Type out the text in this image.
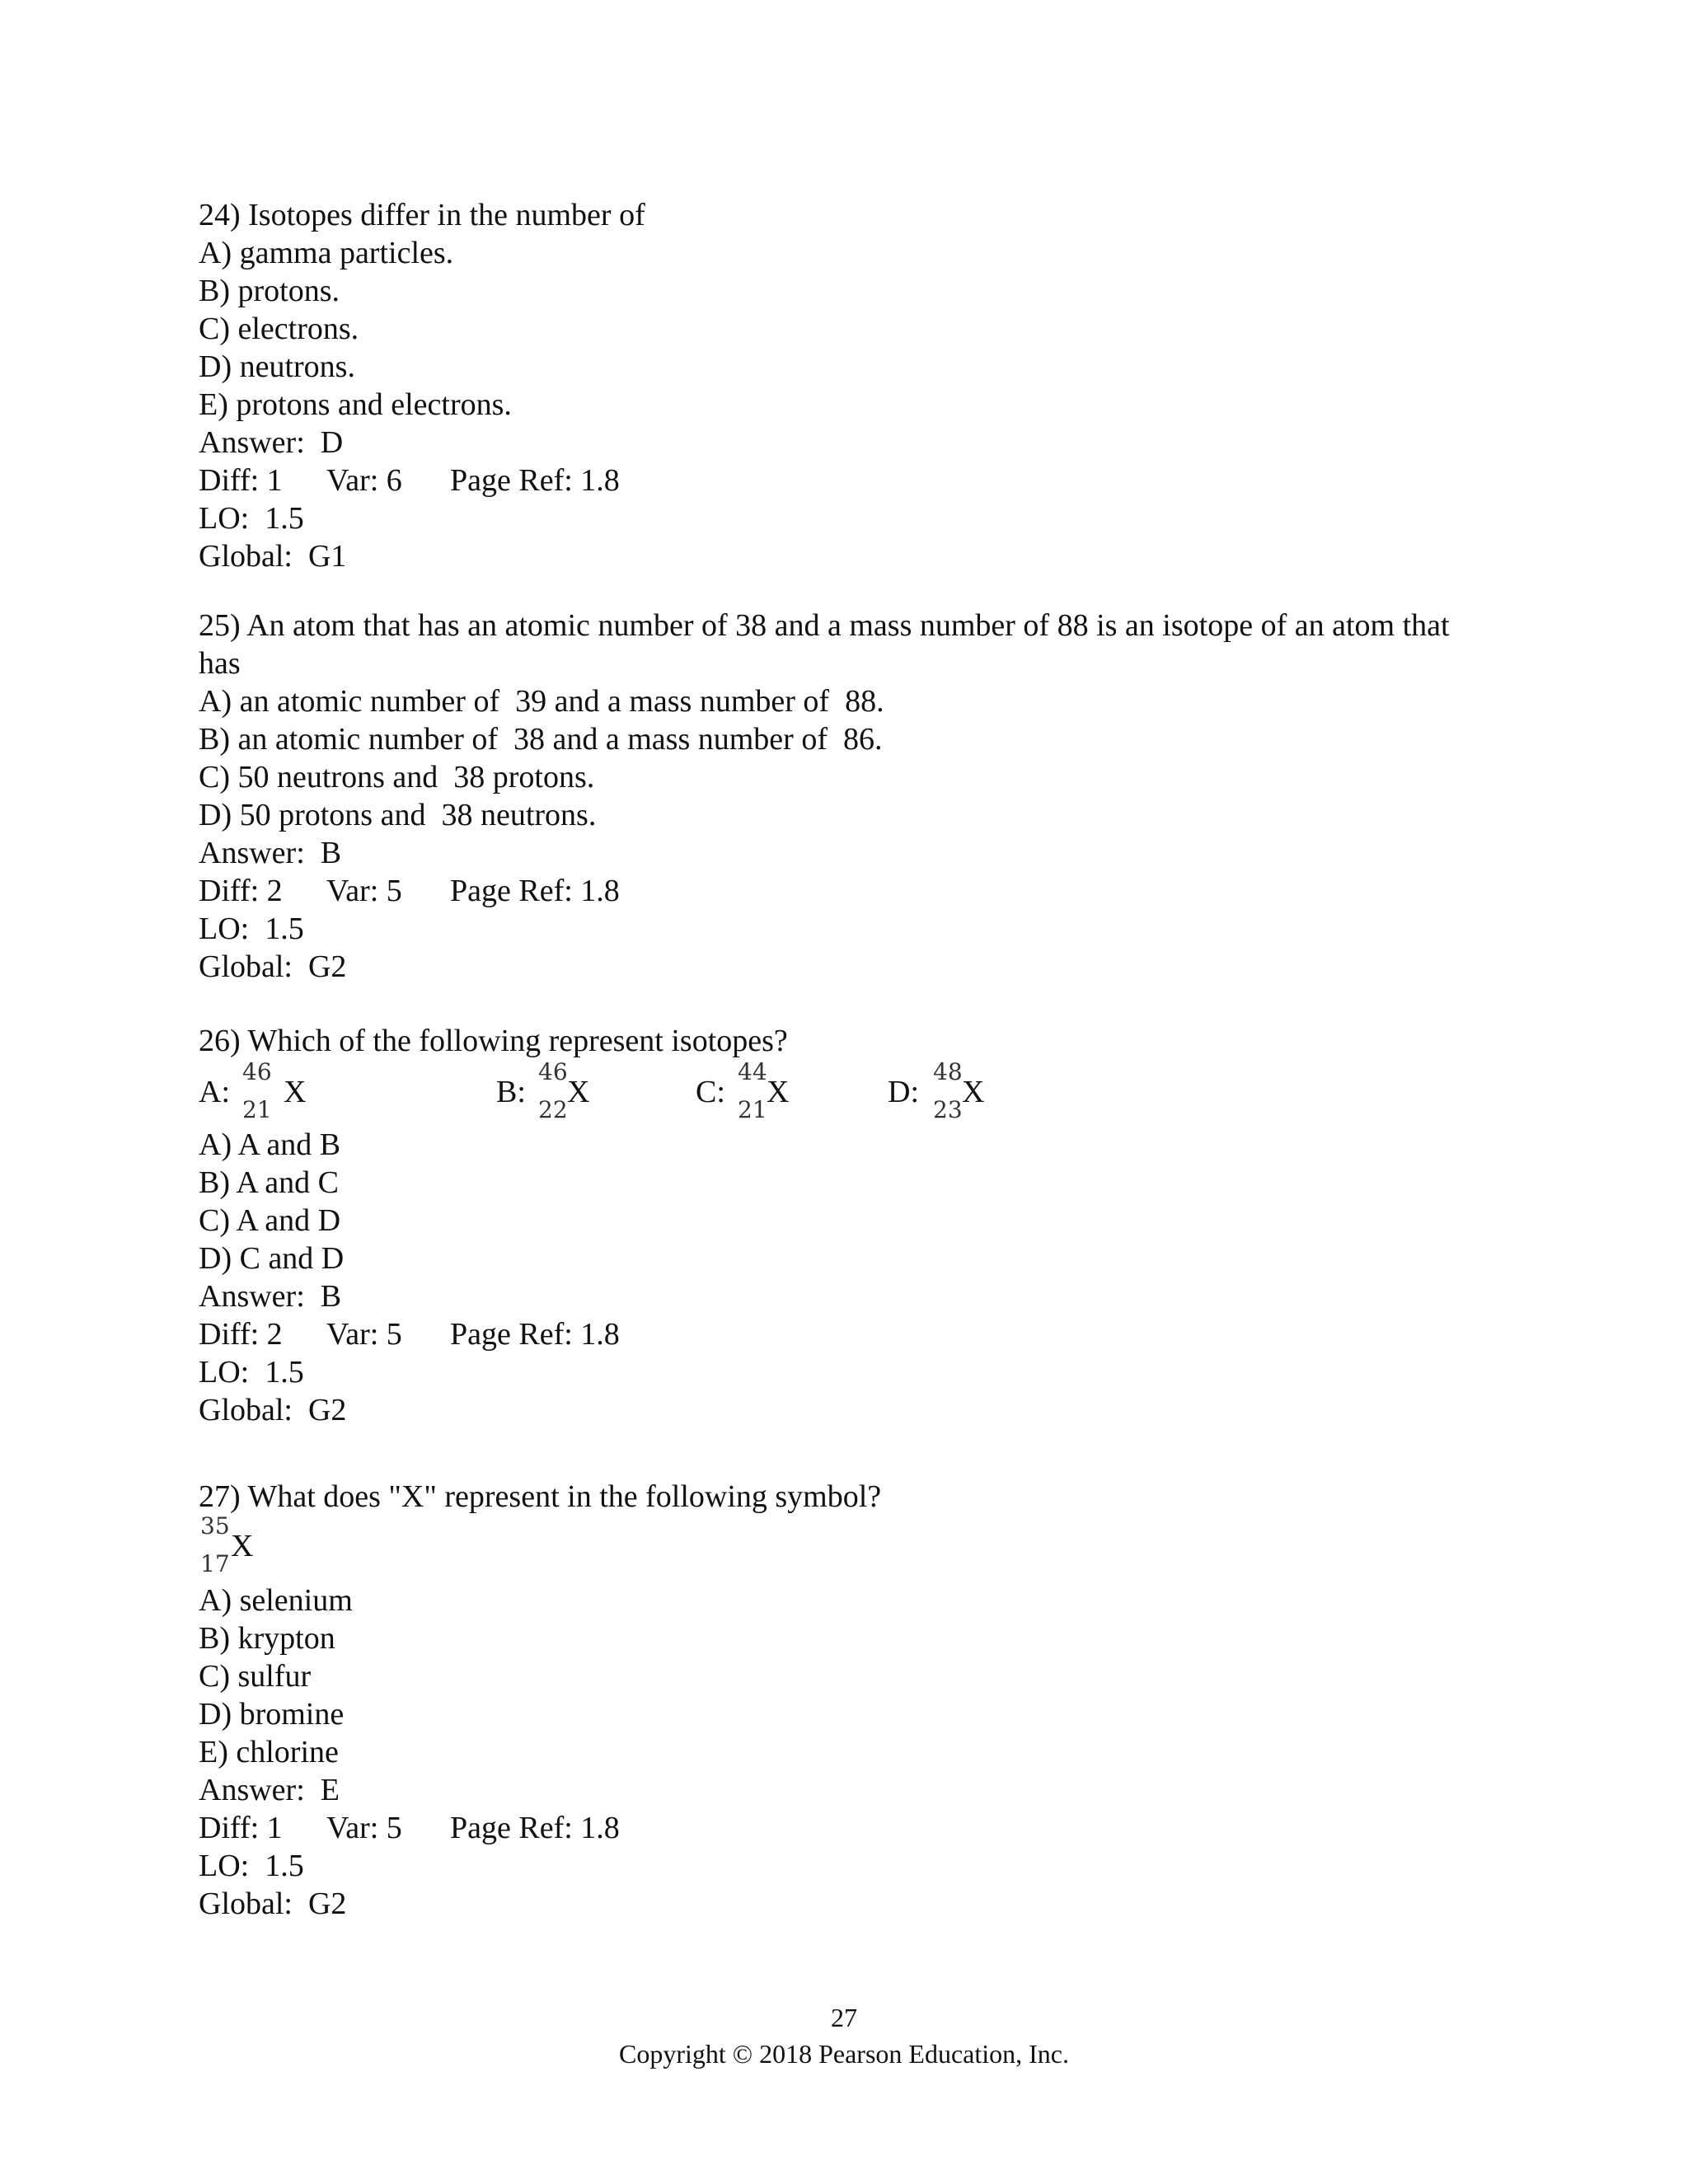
24) Isotopes differ in the number of
A) gamma particles.
B) protons.
C) electrons.
D) neutrons.
E) protons and electrons.
Answer:  D
Diff: 1 Var: 6 Page Ref: 1.8
LO:  1.5
Global:  G1
25) An atom that has an atomic number of 38 and a mass number of 88 is an isotope of an atom that has
A) an atomic number of  39 and a mass number of  88.
B) an atomic number of  38 and a mass number of  86.
C) 50 neutrons and  38 protons.
D) 50 protons and  38 neutrons.
Answer:  B
Diff: 2 Var: 5 Page Ref: 1.8
LO:  1.5
Global:  G2
26) Which of the following represent isotopes?
A:
46
21
X	B:
46
22
X	C:
44
21
X	D:
48
23
X
A) A and B
B) A and C
C) A and D
D) C and D
Answer:  B
Diff: 2 Var: 5 Page Ref: 1.8
LO:  1.5
Global:  G2
27) What does "X" represent in the following symbol?
35
17
X
A) selenium
B) krypton
C) sulfur
D) bromine
E) chlorine
Answer:  E
Diff: 1 Var: 5 Page Ref: 1.8
LO:  1.5
Global:  G2
27
Copyright © 2018 Pearson Education, Inc.
